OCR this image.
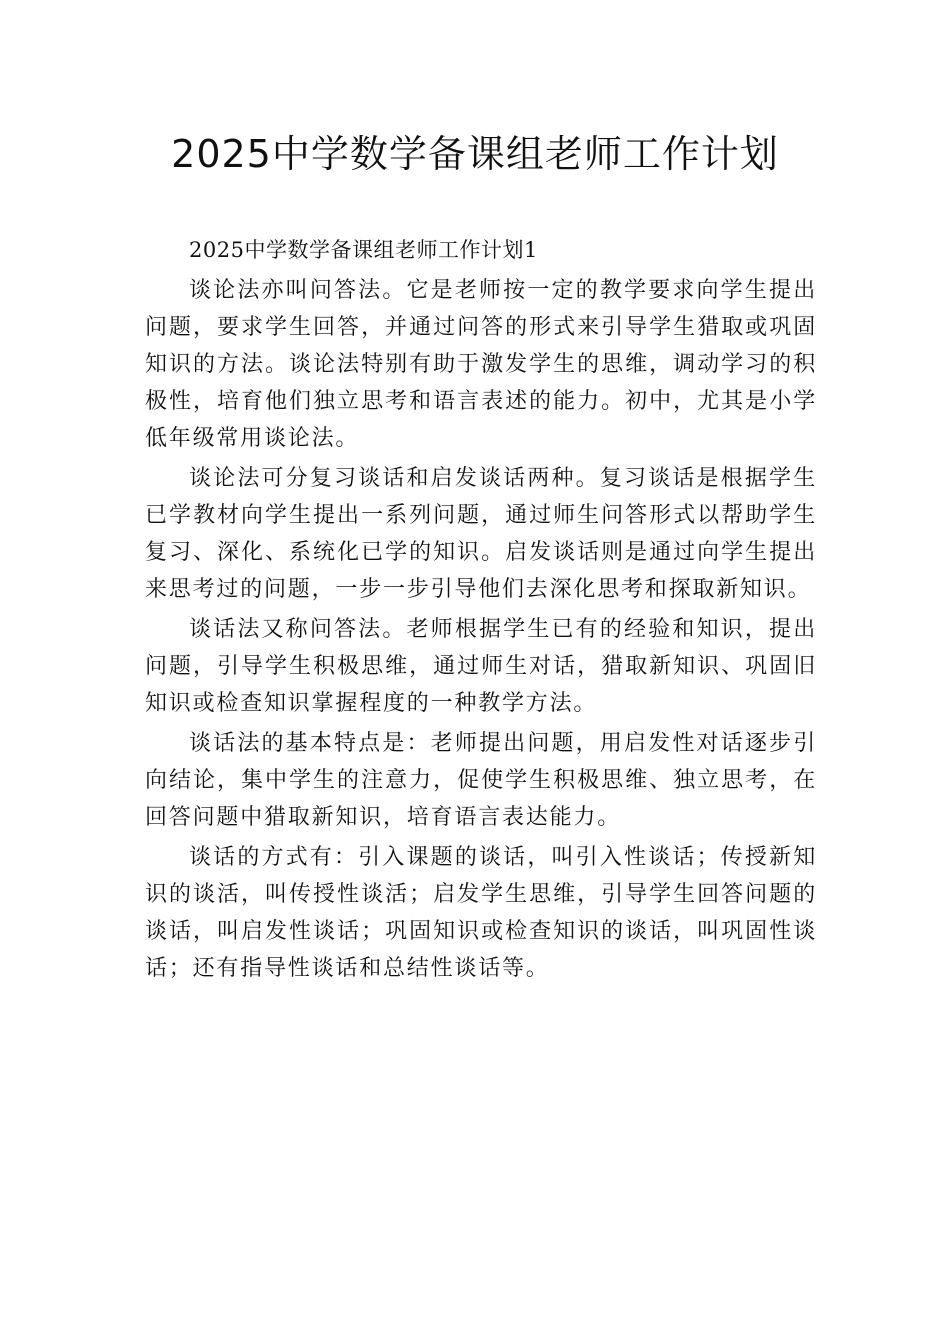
2025中学数学备课组老师工作计划

2025中学数学备课组老师工作计划1

谈论法亦叫问答法。它是老师按一定的教学要求向学生提出问题，要求学生回答，并通过问答的形式来引导学生猎取或巩固知识的方法。谈论法特别有助于激发学生的思维，调动学习的积极性，培育他们独立思考和语言表述的能力。初中，尤其是小学低年级常用谈论法。

谈论法可分复习谈话和启发谈话两种。复习谈话是根据学生已学教材向学生提出一系列问题，通过师生问答形式以帮助学生复习、深化、系统化已学的知识。启发谈话则是通过向学生提出来思考过的问题，一步一步引导他们去深化思考和探取新知识。

谈话法又称问答法。老师根据学生已有的经验和知识，提出问题，引导学生积极思维，通过师生对话，猎取新知识、巩固旧知识或检查知识掌握程度的一种教学方法。

谈话法的基本特点是：老师提出问题，用启发性对话逐步引向结论，集中学生的注意力，促使学生积极思维、独立思考，在回答问题中猎取新知识，培育语言表达能力。

谈话的方式有：引入课题的谈话，叫引入性谈话；传授新知识的谈活，叫传授性谈活；启发学生思维，引导学生回答问题的谈话，叫启发性谈话；巩固知识或检查知识的谈话，叫巩固性谈话；还有指导性谈话和总结性谈话等。
